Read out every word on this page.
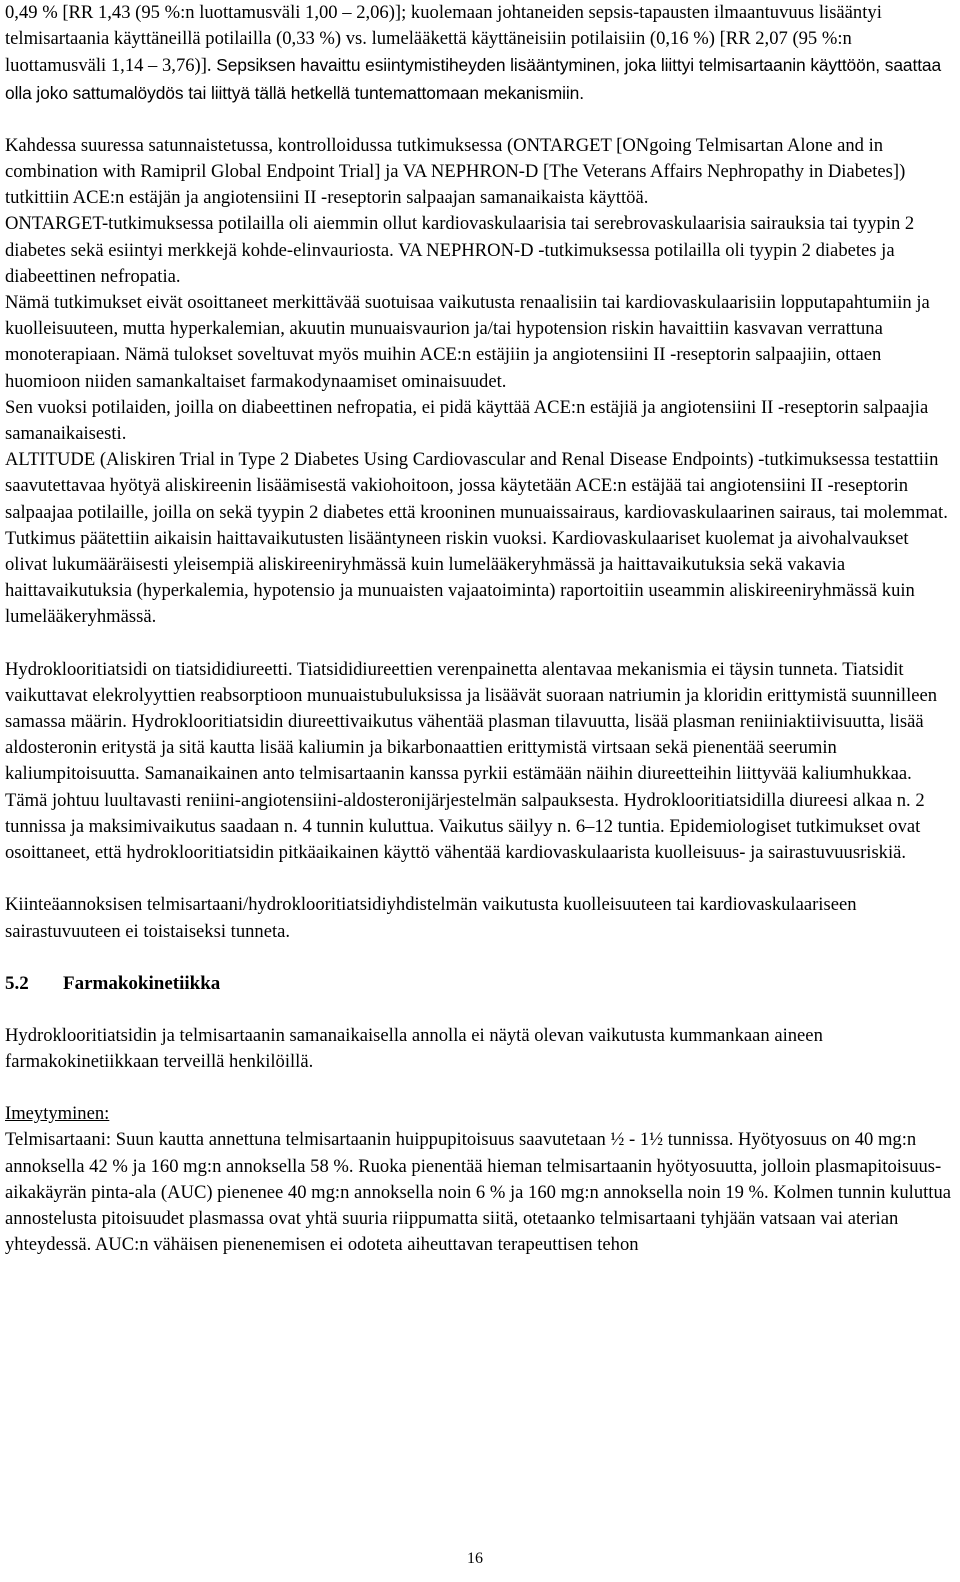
0,49 % [RR 1,43 (95 %:n luottamusväli 1,00 – 2,06)]; kuolemaan johtaneiden sepsis-tapausten ilmaantuvuus lisääntyi telmisartaania käyttäneillä potilailla (0,33 %) vs. lumelääkettä käyttäneisiin potilaisiin (0,16 %) [RR 2,07 (95 %:n luottamusväli 1,14 – 3,76)]. Sepsiksen havaittu esiintymistiheyden lisääntyminen, joka liittyi telmisartaanin käyttöön, saattaa olla joko sattumalöydös tai liittyä tällä hetkellä tuntemattomaan mekanismiin.

Kahdessa suuressa satunnaistetussa, kontrolloidussa tutkimuksessa (ONTARGET [ONgoing Telmisartan Alone and in combination with Ramipril Global Endpoint Trial] ja VA NEPHRON-D [The Veterans Affairs Nephropathy in Diabetes]) tutkittiin ACE:n estäjän ja angiotensiini II -reseptorin salpaajan samanaikaista käyttöä.

ONTARGET-tutkimuksessa potilailla oli aiemmin ollut kardiovaskulaarisia tai serebrovaskulaarisia sairauksia tai tyypin 2 diabetes sekä esiintyi merkkejä kohde-elinvauriosta. VA NEPHRON-D -tutkimuksessa potilailla oli tyypin 2 diabetes ja diabeettinen nefropatia.

Nämä tutkimukset eivät osoittaneet merkittävää suotuisaa vaikutusta renaalisiin tai kardiovaskulaarisiin lopputapahtumiin ja kuolleisuuteen, mutta hyperkalemian, akuutin munuaisvaurion ja/tai hypotension riskin havaittiin kasvavan verrattuna monoterapiaan. Nämä tulokset soveltuvat myös muihin ACE:n estäjiin ja angiotensiini II -reseptorin salpaajiin, ottaen huomioon niiden samankaltaiset farmakodynaamiset ominaisuudet.

Sen vuoksi potilaiden, joilla on diabeettinen nefropatia, ei pidä käyttää ACE:n estäjiä ja angiotensiini II -reseptorin salpaajia samanaikaisesti.

ALTITUDE (Aliskiren Trial in Type 2 Diabetes Using Cardiovascular and Renal Disease Endpoints) -tutkimuksessa testattiin saavutettavaa hyötyä aliskireenin lisäämisestä vakiohoitoon, jossa käytetään ACE:n estäjää tai angiotensiini II -reseptorin salpaajaa potilaille, joilla on sekä tyypin 2 diabetes että krooninen munuaissairaus, kardiovaskulaarinen sairaus, tai molemmat. Tutkimus päätettiin aikaisin haittavaikutusten lisääntyneen riskin vuoksi. Kardiovaskulaariset kuolemat ja aivohalvaukset olivat lukumääräisesti yleisempiä aliskireeniryhmässä kuin lumelääkeryhmässä ja haittavaikutuksia sekä vakavia haittavaikutuksia (hyperkalemia, hypotensio ja munuaisten vajaatoiminta) raportoitiin useammin aliskireeniryhmässä kuin lumelääkeryhmässä.

Hydroklooritiatsidi on tiatsididiureetti. Tiatsididiureettien verenpainetta alentavaa mekanismia ei täysin tunneta. Tiatsidit vaikuttavat elekrolyyttien reabsorptioon munuaistubuluksissa ja lisäävät suoraan natriumin ja kloridin erittymistä suunnilleen samassa määrin. Hydroklooritiatsidin diureettivaikutus vähentää plasman tilavuutta, lisää plasman reniiniaktiivisuutta, lisää aldosteronin eritystä ja sitä kautta lisää kaliumin ja bikarbonaattien erittymistä virtsaan sekä pienentää seerumin kaliumpitoisuutta. Samanaikainen anto telmisartaanin kanssa pyrkii estämään näihin diureetteihin liittyvää kaliumhukkaa. Tämä johtuu luultavasti reniini-angiotensiini-aldosteronijärjestelmän salpauksesta. Hydroklooritiatsidilla diureesi alkaa n. 2 tunnissa ja maksimivaikutus saadaan n. 4 tunnin kuluttua. Vaikutus säilyy n. 6–12 tuntia. Epidemiologiset tutkimukset ovat osoittaneet, että hydroklooritiatsidin pitkäaikainen käyttö vähentää kardiovaskulaarista kuolleisuus- ja sairastuvuusriskiä.

Kiinteäannoksisen telmisartaani/hydroklooritiatsidiyhdistelmän vaikutusta kuolleisuuteen tai kardiovaskulaariseen sairastuvuuteen ei toistaiseksi tunneta.

5.2	Farmakokinetiikka

Hydroklooritiatsidin ja telmisartaanin samanaikaisella annolla ei näytä olevan vaikutusta kummankaan aineen farmakokinetiikkaan terveillä henkilöillä.

Imeytyminen:

Telmisartaani: Suun kautta annettuna telmisartaanin huippupitoisuus saavutetaan ½ - 1½ tunnissa. Hyötyosuus on 40 mg:n annoksella 42 % ja 160 mg:n annoksella 58 %. Ruoka pienentää hieman telmisartaanin hyötyosuutta, jolloin plasmapitoisuus-aikakäyrän pinta-ala (AUC) pienenee 40 mg:n annoksella noin 6 % ja 160 mg:n annoksella noin 19 %. Kolmen tunnin kuluttua annostelusta pitoisuudet plasmassa ovat yhtä suuria riippumatta siitä, otetaanko telmisartaani tyhjään vatsaan vai aterian yhteydessä. AUC:n vähäisen pienenemisen ei odoteta aiheuttavan terapeuttisen tehon

16
